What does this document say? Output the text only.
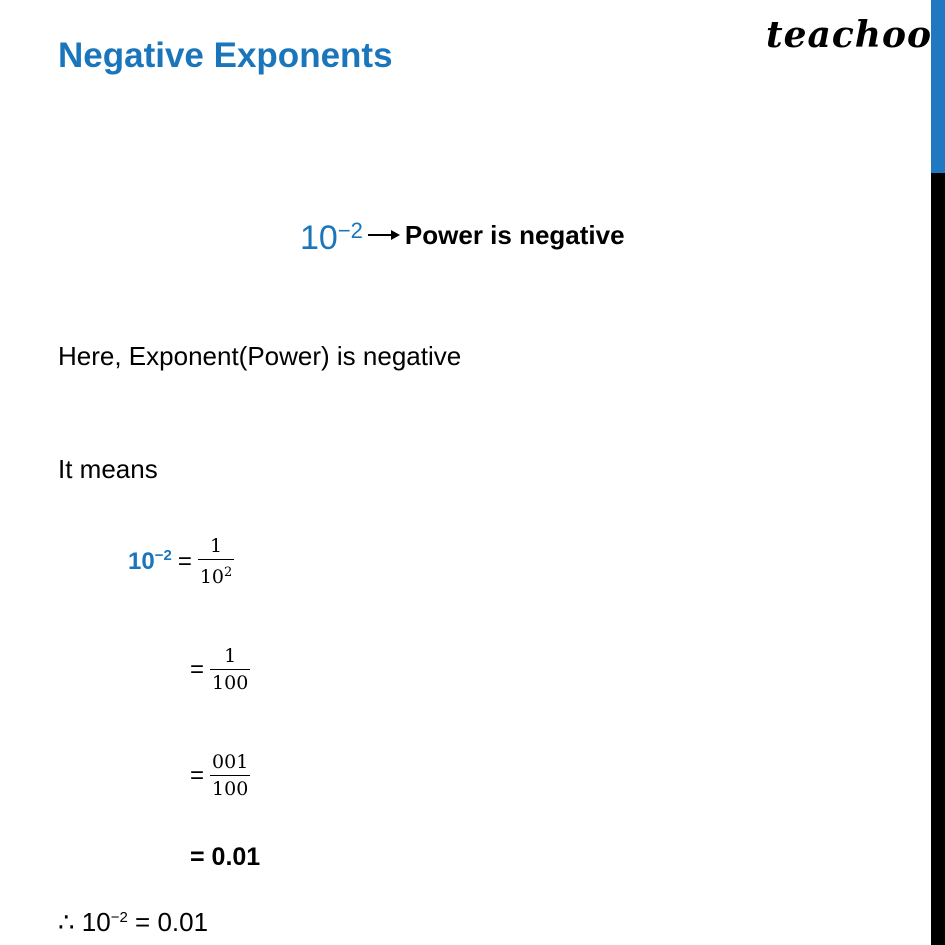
Negative Exponents	teachoo
10 −2 Power is negative
Here, Exponent(Power) is negative
It means
$10^{-2} = \frac{1}{10^2}$
= $\frac{1}{100}$
= $\frac{001}{100}$
= 0.01
∴ $10^{-2} = 0.01$
